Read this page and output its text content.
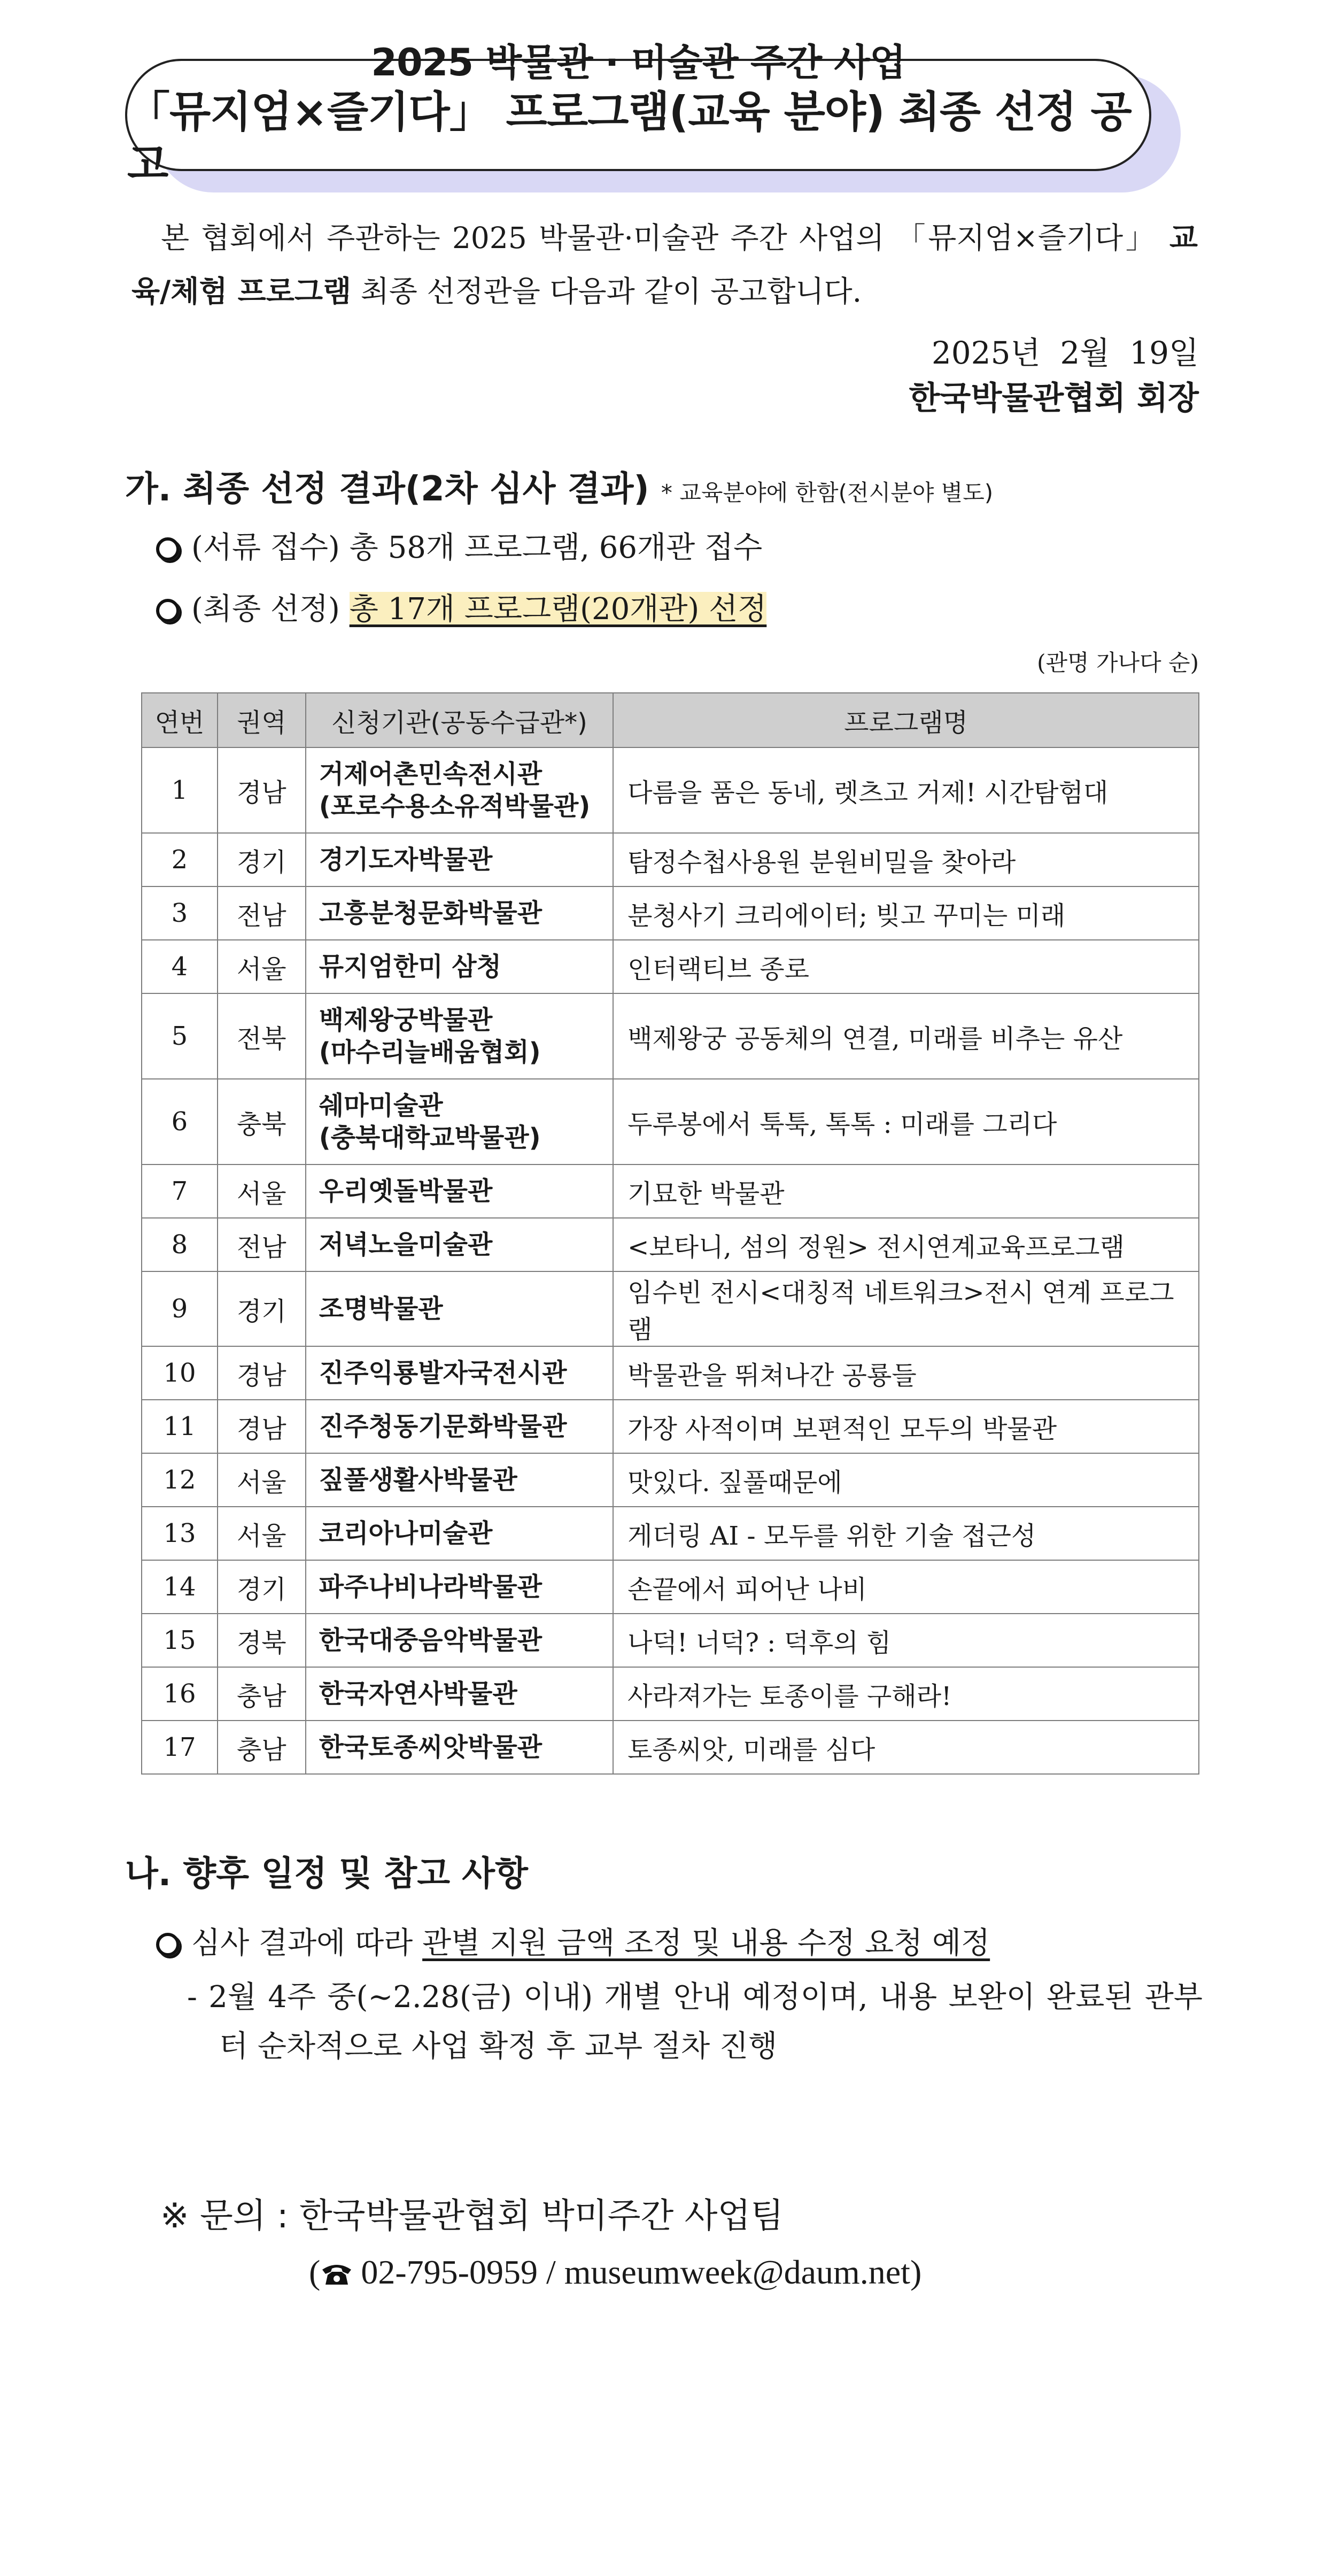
2025 박물관 · 미술관 주간 사업
「뮤지엄×즐기다」 프로그램(교육 분야) 최종 선정 공고

본 협회에서 주관하는 2025 박물관·미술관 주간 사업의 「뮤지엄×즐기다」 교육/체험 프로그램 최종 선정관을 다음과 같이 공고합니다.

2025년  2월  19일
한국박물관협회 회장
가. 최종 선정 결과(2차 심사 결과) * 교육분야에 한함(전시분야 별도)
(서류 접수) 총 58개 프로그램, 66개관 접수
(최종 선정) 총 17개 프로그램(20개관) 선정
(관명 가나다 순)
연번	권역	신청기관(공동수급관*)	프로그램명
1	경남	거제어촌민속전시관
(포로수용소유적박물관)	다름을 품은 동네, 렛츠고 거제! 시간탐험대
2	경기	경기도자박물관	탐정수첩사용원 분원비밀을 찾아라
3	전남	고흥분청문화박물관	분청사기 크리에이터; 빚고 꾸미는 미래
4	서울	뮤지엄한미 삼청	인터랙티브 종로
5	전북	백제왕궁박물관
(마수리늘배움협회)	백제왕궁 공동체의 연결, 미래를 비추는 유산
6	충북	쉐마미술관
(충북대학교박물관)	두루봉에서 툭툭, 톡톡 : 미래를 그리다
7	서울	우리옛돌박물관	기묘한 박물관
8	전남	저녁노을미술관	<보타니, 섬의 정원> 전시연계교육프로그램
9	경기	조명박물관	임수빈 전시<대칭적 네트워크>전시 연계 프로그램
10	경남	진주익룡발자국전시관	박물관을 뛰쳐나간 공룡들
11	경남	진주청동기문화박물관	가장 사적이며 보편적인 모두의 박물관
12	서울	짚풀생활사박물관	맛있다. 짚풀때문에
13	서울	코리아나미술관	게더링 AI - 모두를 위한 기술 접근성
14	경기	파주나비나라박물관	손끝에서 피어난 나비
15	경북	한국대중음악박물관	나덕! 너덕? : 덕후의 힘
16	충남	한국자연사박물관	사라져가는 토종이를 구해라!
17	충남	한국토종씨앗박물관	토종씨앗, 미래를 심다
나. 향후 일정 및 참고 사항
심사 결과에 따라 관별 지원 금액 조정 및 내용 수정 요청 예정
- 2월 4주 중(~2.28(금) 이내) 개별 안내 예정이며, 내용 보완이 완료된 관부터 순차적으로 사업 확정 후 교부 절차 진행
※ 문의 : 한국박물관협회 박미주간 사업팀
( 02-795-0959 / museumweek@daum.net)
